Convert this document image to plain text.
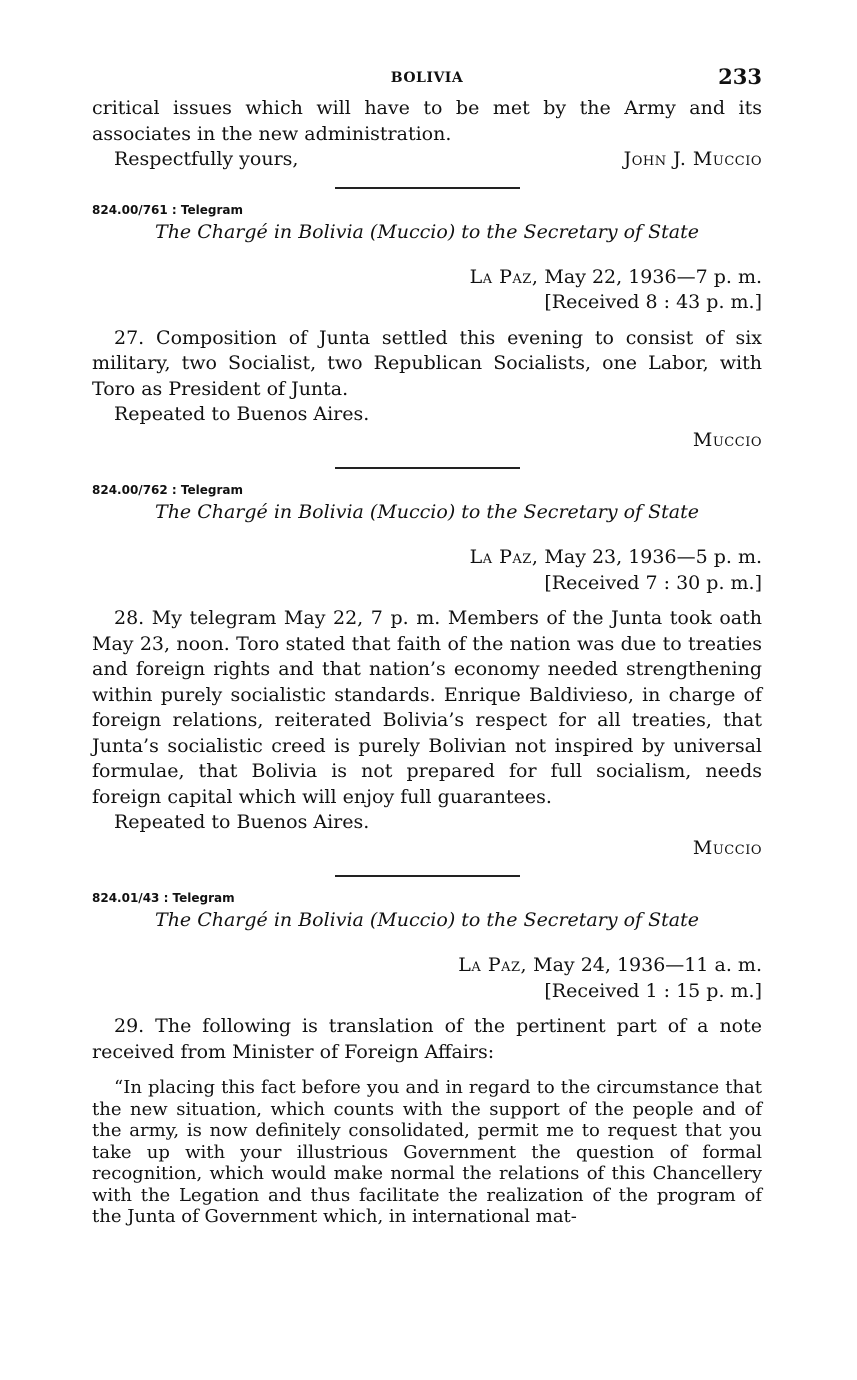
BOLIVIA	233

critical issues which will have to be met by the Army and its associates in the new administration.

Respectfully yours,	John J. Muccio
824.00/761 : Telegram
The Chargé in Bolivia (Muccio) to the Secretary of State
La Paz, May 22, 1936—7 p. m.
[Received 8 : 43 p. m.]

27. Composition of Junta settled this evening to consist of six military, two Socialist, two Republican Socialists, one Labor, with Toro as President of Junta.

Repeated to Buenos Aires.

Muccio
824.00/762 : Telegram
The Chargé in Bolivia (Muccio) to the Secretary of State
La Paz, May 23, 1936—5 p. m.
[Received 7 : 30 p. m.]

28. My telegram May 22, 7 p. m. Members of the Junta took oath May 23, noon. Toro stated that faith of the nation was due to treaties and foreign rights and that nation’s economy needed strengthening within purely socialistic standards. Enrique Baldivieso, in charge of foreign relations, reiterated Bolivia’s respect for all treaties, that Junta’s socialistic creed is purely Bolivian not inspired by universal formulae, that Bolivia is not prepared for full socialism, needs foreign capital which will enjoy full guarantees.

Repeated to Buenos Aires.

Muccio
824.01/43 : Telegram
The Chargé in Bolivia (Muccio) to the Secretary of State
La Paz, May 24, 1936—11 a. m.
[Received 1 : 15 p. m.]

29. The following is translation of the pertinent part of a note received from Minister of Foreign Affairs:

“In placing this fact before you and in regard to the circumstance that the new situation, which counts with the support of the people and of the army, is now definitely consolidated, permit me to request that you take up with your illustrious Government the question of formal recognition, which would make normal the relations of this Chancellery with the Legation and thus facilitate the realization of the program of the Junta of Government which, in international mat-
